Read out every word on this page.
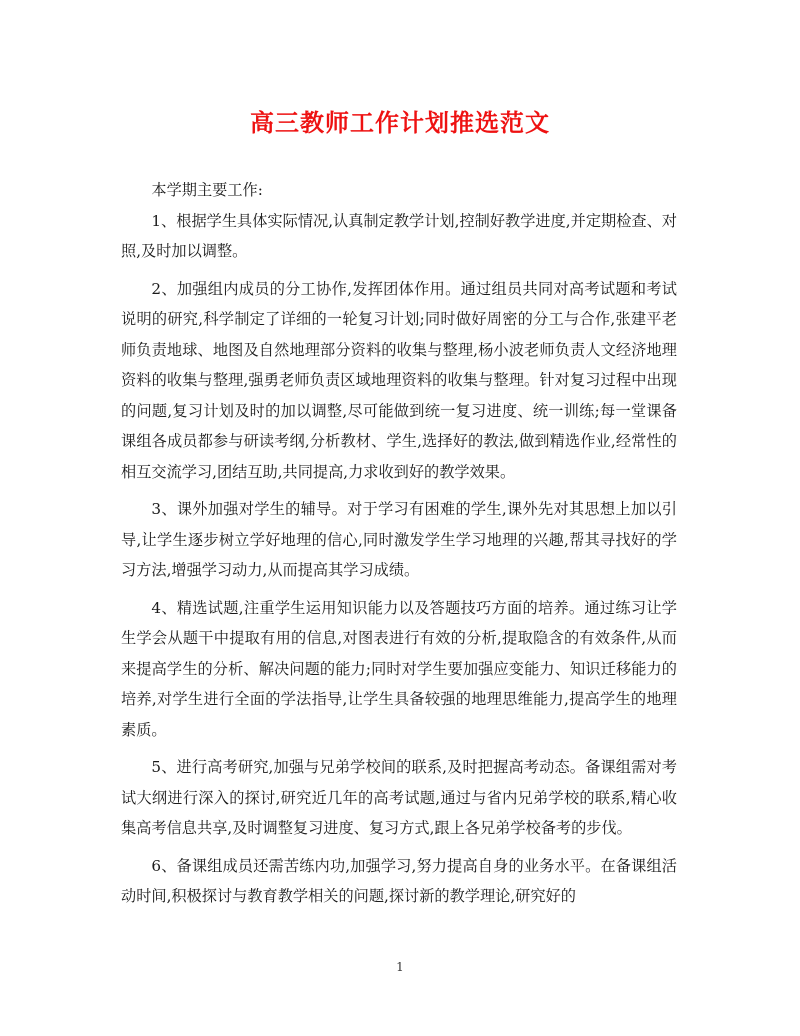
高三教师工作计划推选范文

本学期主要工作:

1、根据学生具体实际情况,认真制定教学计划,控制好教学进度,并定期检查、对照,及时加以调整。

2、加强组内成员的分工协作,发挥团体作用。通过组员共同对高考试题和考试说明的研究,科学制定了详细的一轮复习计划;同时做好周密的分工与合作,张建平老师负责地球、地图及自然地理部分资料的收集与整理,杨小波老师负责人文经济地理资料的收集与整理,强勇老师负责区域地理资料的收集与整理。针对复习过程中出现的问题,复习计划及时的加以调整,尽可能做到统一复习进度、统一训练;每一堂课备课组各成员都参与研读考纲,分析教材、学生,选择好的教法,做到精选作业,经常性的相互交流学习,团结互助,共同提高,力求收到好的教学效果。

3、课外加强对学生的辅导。对于学习有困难的学生,课外先对其思想上加以引导,让学生逐步树立学好地理的信心,同时激发学生学习地理的兴趣,帮其寻找好的学习方法,增强学习动力,从而提高其学习成绩。

4、精选试题,注重学生运用知识能力以及答题技巧方面的培养。通过练习让学生学会从题干中提取有用的信息,对图表进行有效的分析,提取隐含的有效条件,从而来提高学生的分析、解决问题的能力;同时对学生要加强应变能力、知识迁移能力的培养,对学生进行全面的学法指导,让学生具备较强的地理思维能力,提高学生的地理素质。

5、进行高考研究,加强与兄弟学校间的联系,及时把握高考动态。备课组需对考试大纲进行深入的探讨,研究近几年的高考试题,通过与省内兄弟学校的联系,精心收集高考信息共享,及时调整复习进度、复习方式,跟上各兄弟学校备考的步伐。

6、备课组成员还需苦练内功,加强学习,努力提高自身的业务水平。在备课组活动时间,积极探讨与教育教学相关的问题,探讨新的教学理论,研究好的

1
